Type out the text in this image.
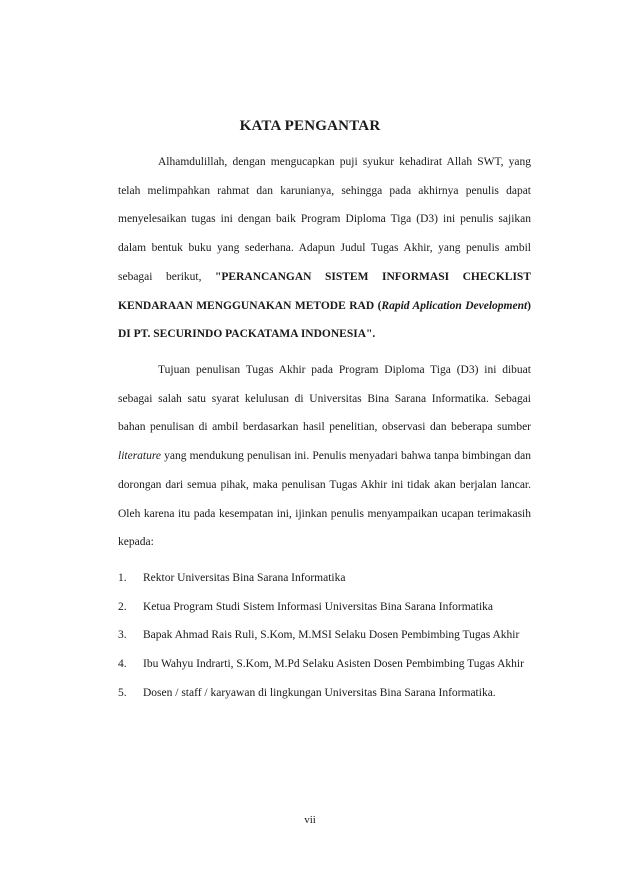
KATA PENGANTAR

Alhamdulillah, dengan mengucapkan puji syukur kehadirat Allah SWT, yang telah melimpahkan rahmat dan karunianya, sehingga pada akhirnya penulis dapat menyelesaikan tugas ini dengan baik Program Diploma Tiga (D3) ini penulis sajikan dalam bentuk buku yang sederhana. Adapun Judul Tugas Akhir, yang penulis ambil sebagai berikut, "PERANCANGAN SISTEM INFORMASI CHECKLIST KENDARAAN MENGGUNAKAN METODE RAD (Rapid Aplication Development) DI PT. SECURINDO PACKATAMA INDONESIA".

Tujuan penulisan Tugas Akhir pada Program Diploma Tiga (D3) ini dibuat sebagai salah satu syarat kelulusan di Universitas Bina Sarana Informatika. Sebagai bahan penulisan di ambil berdasarkan hasil penelitian, observasi dan beberapa sumber literature yang mendukung penulisan ini. Penulis menyadari bahwa tanpa bimbingan dan dorongan dari semua pihak, maka penulisan Tugas Akhir ini tidak akan berjalan lancar. Oleh karena itu pada kesempatan ini, ijinkan penulis menyampaikan ucapan terimakasih kepada:

1. Rektor Universitas Bina Sarana Informatika
2. Ketua Program Studi Sistem Informasi Universitas Bina Sarana Informatika
3. Bapak Ahmad Rais Ruli, S.Kom, M.MSI Selaku Dosen Pembimbing Tugas Akhir
4. Ibu Wahyu Indrarti, S.Kom, M.Pd Selaku Asisten Dosen Pembimbing Tugas Akhir
5. Dosen / staff / karyawan di lingkungan Universitas Bina Sarana Informatika.
vii
